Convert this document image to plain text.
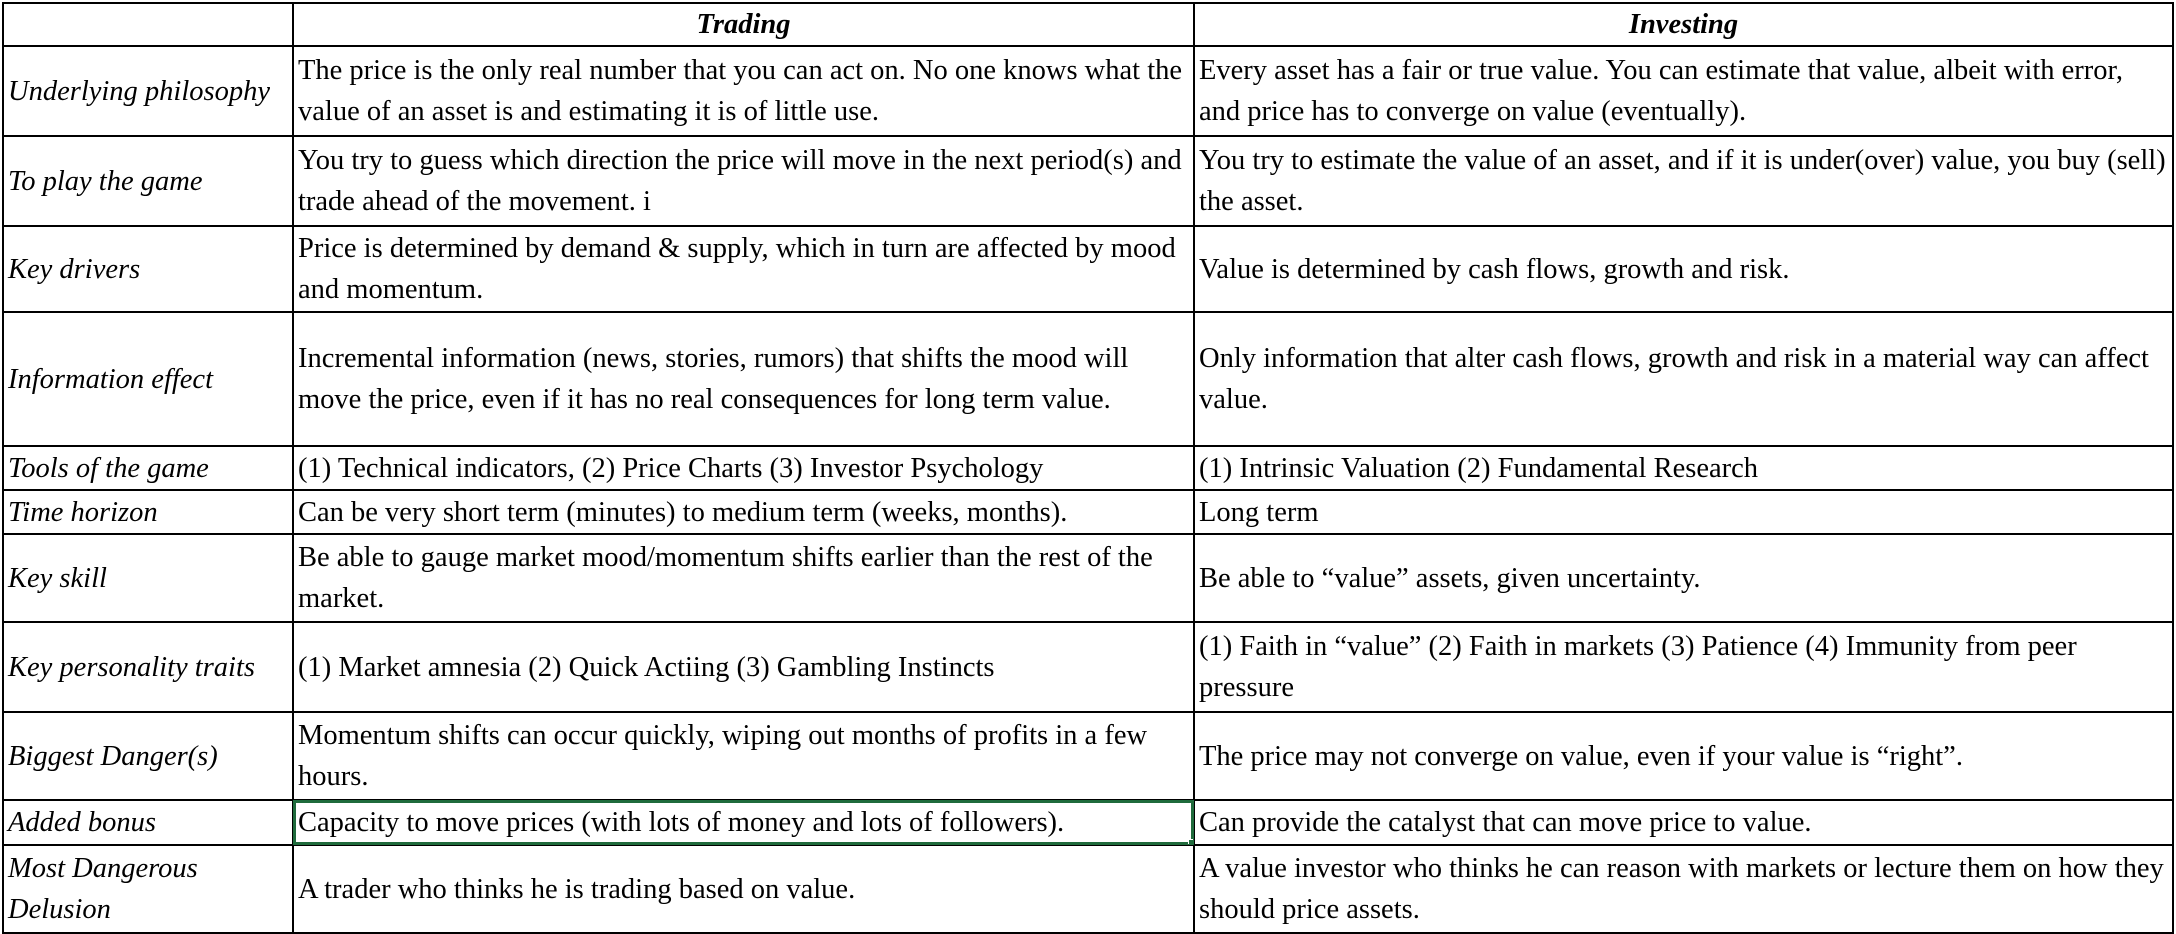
	Trading	Investing
Underlying philosophy	The price is the only real number that you can act on. No one knows what the value of an asset is and estimating it is of little use.	Every asset has a fair or true value. You can estimate that value, albeit with error, and price has to converge on value (eventually).
To play the game	You try to guess which direction the price will move in the next period(s) and trade ahead of the movement. i	You try to estimate the value of an asset, and if it is under(over) value, you buy (sell) the asset.
Key drivers	Price is determined by demand & supply, which in turn are affected by mood and momentum.	Value is determined by cash flows, growth and risk.
Information effect	Incremental information (news, stories, rumors) that shifts the mood will move the price, even if it has no real consequences for long term value.	Only information that alter cash flows, growth and risk in a material way can affect value.
Tools of the game	(1) Technical indicators, (2) Price Charts (3) Investor Psychology	(1) Intrinsic Valuation (2) Fundamental Research
Time horizon	Can be very short term (minutes) to medium term (weeks, months).	Long term
Key skill	Be able to gauge market mood/momentum shifts earlier than the rest of the market.	Be able to “value” assets, given uncertainty.
Key personality traits	(1) Market amnesia (2) Quick Actiing (3) Gambling Instincts	(1) Faith in “value” (2) Faith in markets (3) Patience (4) Immunity from peer pressure
Biggest Danger(s)	Momentum shifts can occur quickly, wiping out months of profits in a few hours.	The price may not converge on value, even if your value is “right”.
Added bonus	Capacity to move prices (with lots of money and lots of followers).	Can provide the catalyst that can move price to value.
Most Dangerous Delusion	A trader who thinks he is trading based on value.	A value investor who thinks he can reason with markets or lecture them on how they should price assets.
